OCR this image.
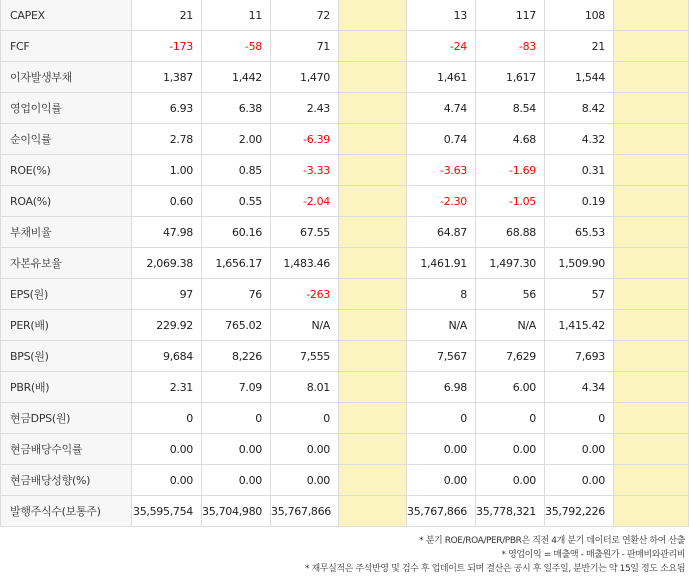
CAPEX	21	11	72		13	117	108	
FCF	-173	-58	71		-24	-83	21	
이자발생부채	1,387	1,442	1,470		1,461	1,617	1,544	
영업이익률	6.93	6.38	2.43		4.74	8.54	8.42	
순이익률	2.78	2.00	-6.39		0.74	4.68	4.32	
ROE(%)	1.00	0.85	-3.33		-3.63	-1.69	0.31	
ROA(%)	0.60	0.55	-2.04		-2.30	-1.05	0.19	
부채비율	47.98	60.16	67.55		64.87	68.88	65.53	
자본유보율	2,069.38	1,656.17	1,483.46		1,461.91	1,497.30	1,509.90	
EPS(원)	97	76	-263		8	56	57	
PER(배)	229.92	765.02	N/A		N/A	N/A	1,415.42	
BPS(원)	9,684	8,226	7,555		7,567	7,629	7,693	
PBR(배)	2.31	7.09	8.01		6.98	6.00	4.34	
현금DPS(원)	0	0	0		0	0	0	
현금배당수익률	0.00	0.00	0.00		0.00	0.00	0.00	
현금배당성향(%)	0.00	0.00	0.00		0.00	0.00	0.00	
발행주식수(보통주)	35,595,754	35,704,980	35,767,866		35,767,866	35,778,321	35,792,226	
* 분기 ROE/ROA/PER/PBR은 직전 4개 분기 데이터로 연환산 하여 산출
* 영업이익 = 매출액 - 매출원가 - 판매비와관리비
* 재무실적은 주석반영 및 검수 후 업데이트 되며 결산은 공시 후 일주일, 분반기는 약 15일 정도 소요됨
